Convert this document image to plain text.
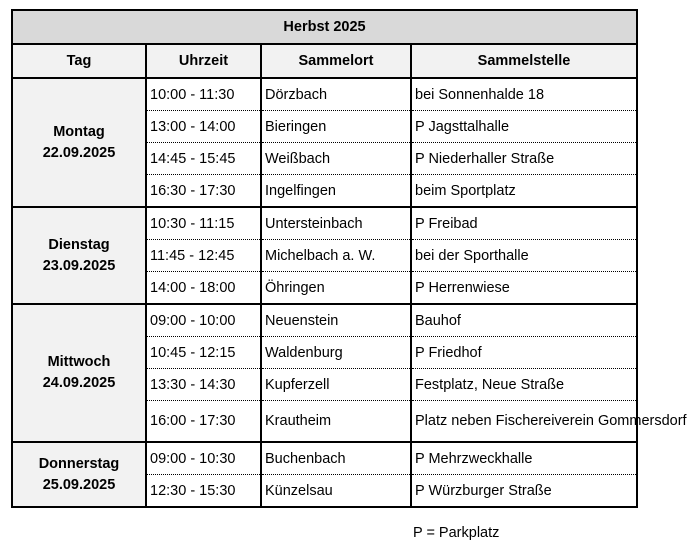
Herbst 2025			
Tag	Uhrzeit	Sammelort	Sammelstelle
Montag
22.09.2025	10:00 - 11:30	Dörzbach	bei Sonnenhalde 18
	13:00 - 14:00	Bieringen	P Jagsttalhalle
	14:45 - 15:45	Weißbach	P Niederhaller Straße
	16:30 - 17:30	Ingelfingen	beim Sportplatz
Dienstag
23.09.2025	10:30 - 11:15	Untersteinbach	P Freibad
	11:45 - 12:45	Michelbach a. W.	bei der Sporthalle
	14:00 - 18:00	Öhringen	P Herrenwiese
Mittwoch
24.09.2025	09:00 - 10:00	Neuenstein	Bauhof
	10:45 - 12:15	Waldenburg	P Friedhof
	13:30 - 14:30	Kupferzell	Festplatz, Neue Straße
	16:00 - 17:30	Krautheim	Platz neben Fischereiverein Gommersdorf
Donnerstag
25.09.2025	09:00 - 10:30	Buchenbach	P Mehrzweckhalle
	12:30 - 15:30	Künzelsau	P Würzburger Straße
P = Parkplatz
